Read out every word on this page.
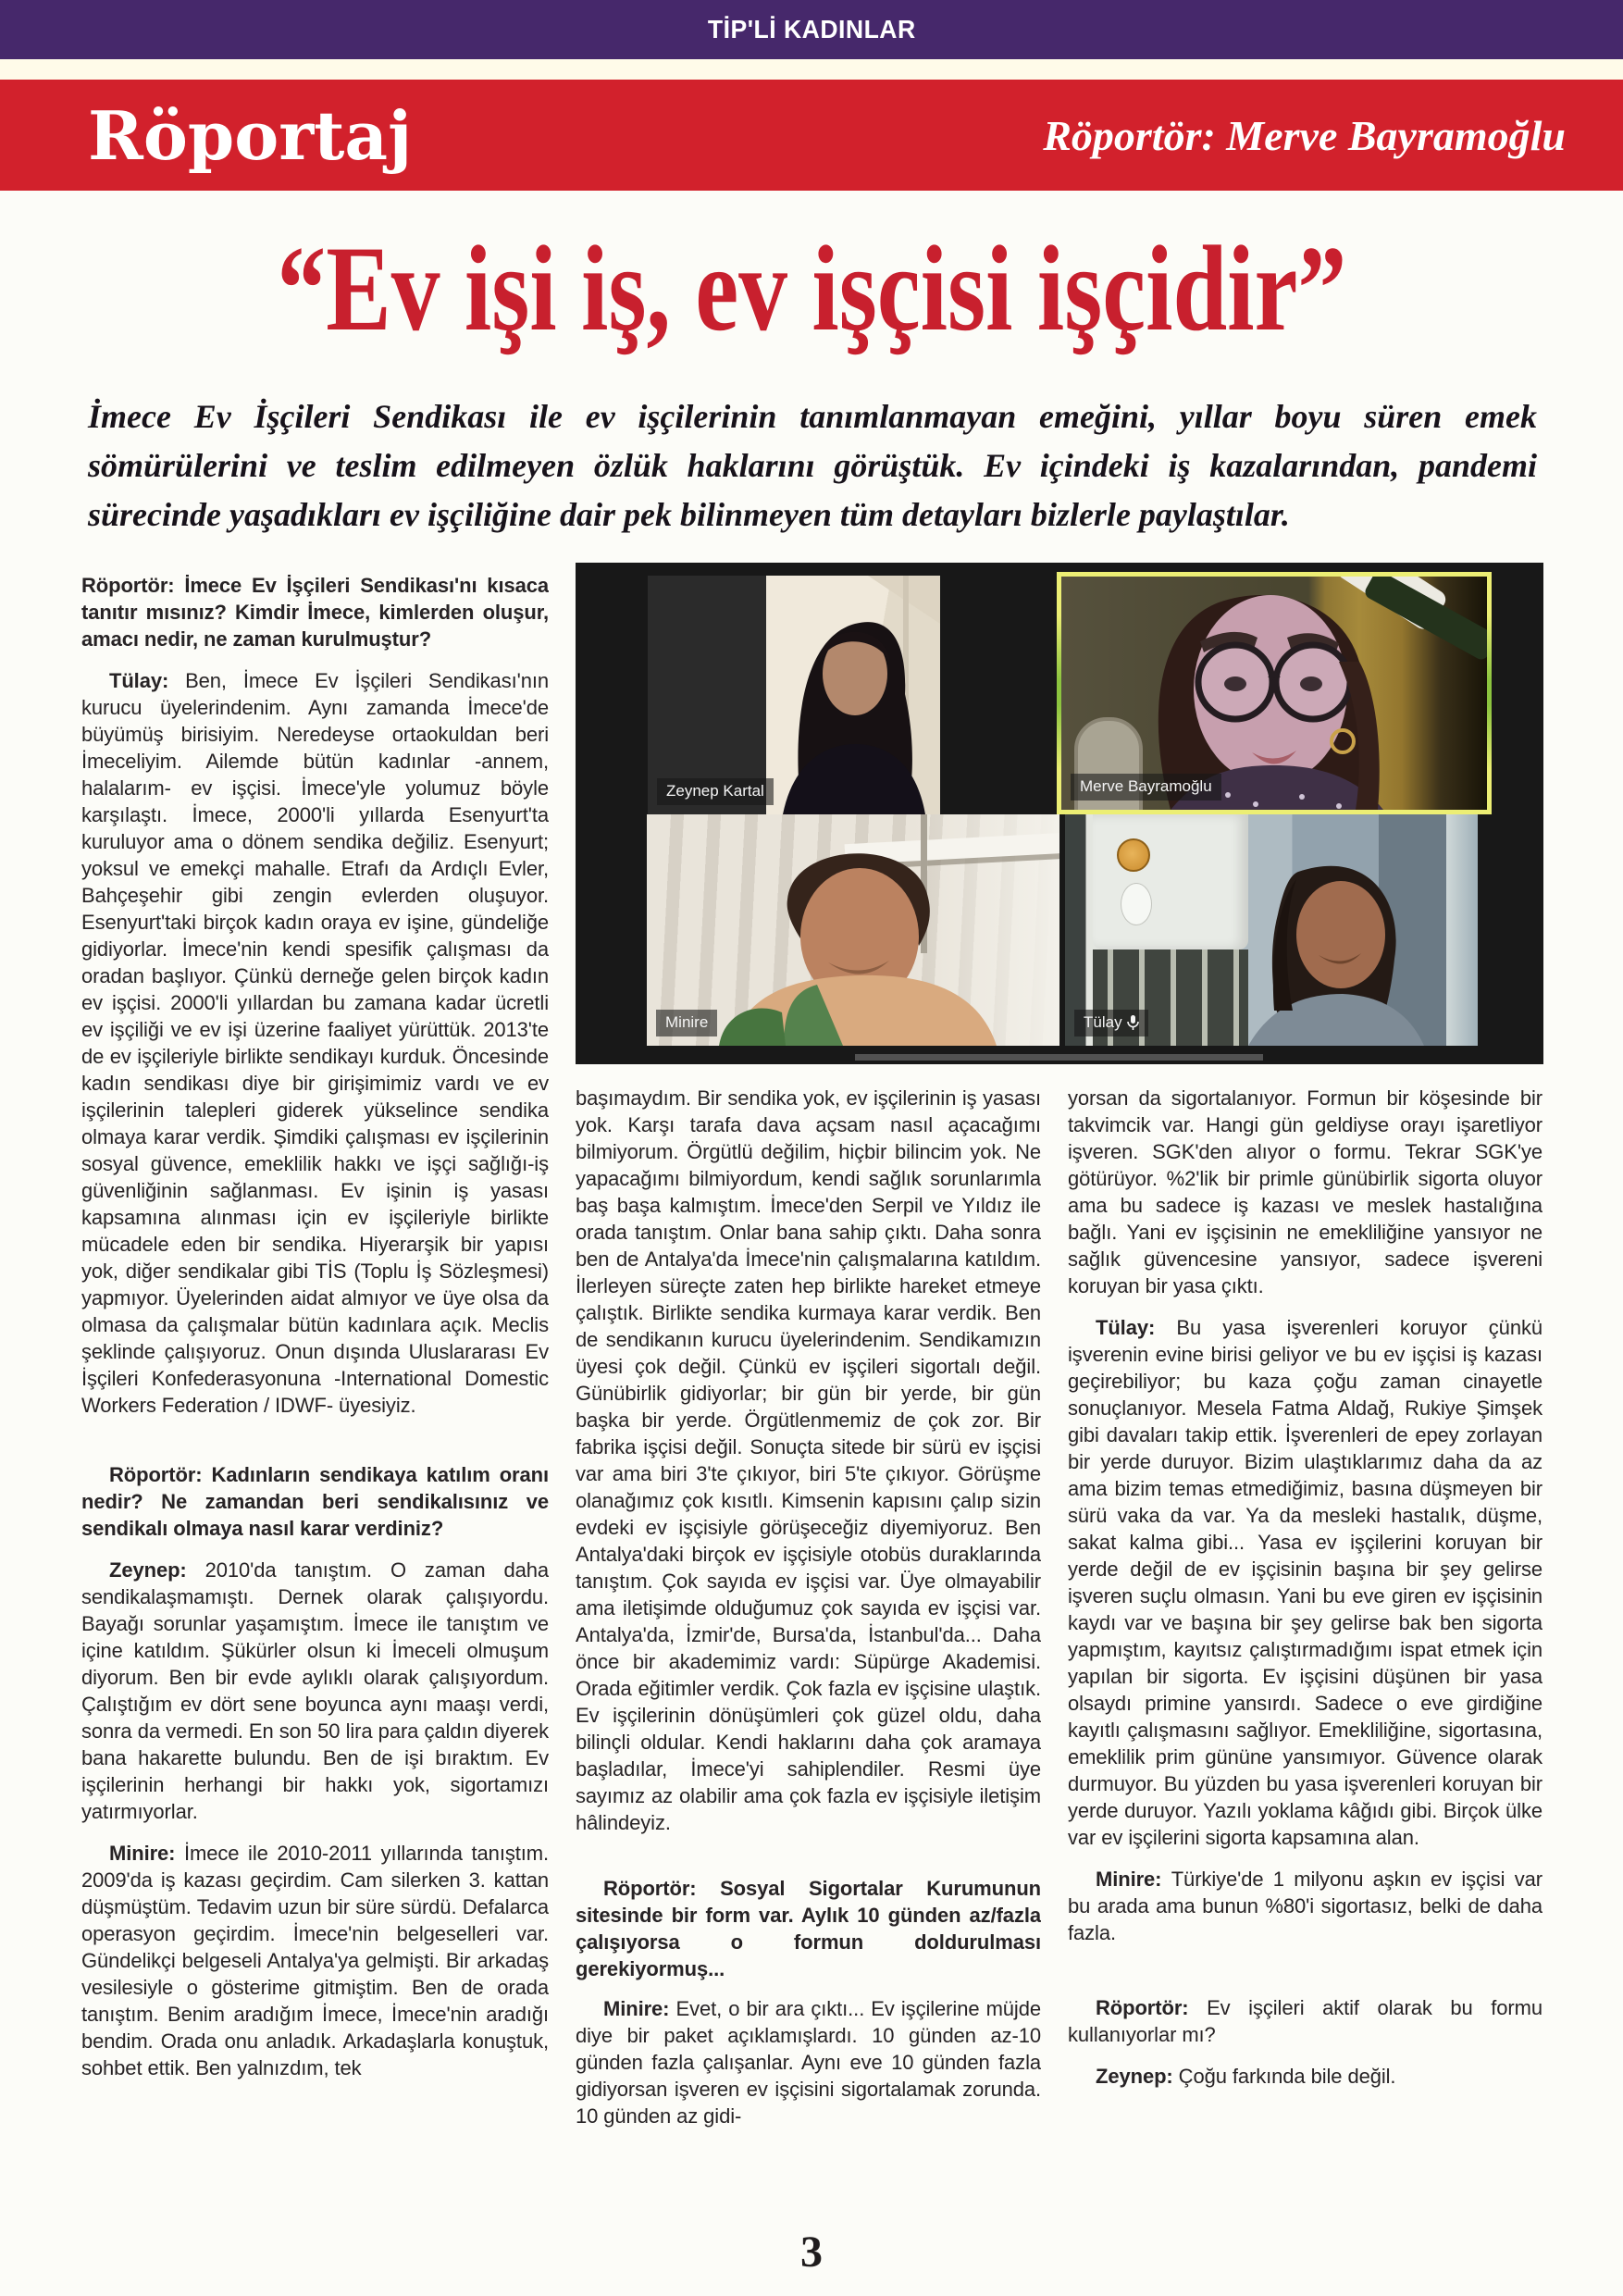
TİP'Lİ KADINLAR
Röportaj	Röportör: Merve Bayramoğlu
“Ev işi iş, ev işçisi işçidir”
İmece Ev İşçileri Sendikası ile ev işçilerinin tanımlanmayan emeğini, yıllar boyu süren emek sömürülerini ve teslim edilmeyen özlük haklarını görüştük. Ev içindeki iş kazalarından, pandemi sürecinde yaşadıkları ev işçiliğine dair pek bilinmeyen tüm detayları bizlerle paylaştılar.
Zeynep Kartal	Merve Bayramoğlu
Minire	Tülay

Röportör: İmece Ev İşçileri Sendikası'nı kısaca tanıtır mısınız? Kimdir İmece, kimlerden oluşur, amacı nedir, ne zaman kurulmuştur?

Tülay: Ben, İmece Ev İşçileri Sendikası'nın kurucu üyelerindenim. Aynı zamanda İmece'de büyümüş birisiyim. Neredeyse ortaokuldan beri İmeceliyim. Ailemde bütün kadınlar -annem, halalarım- ev işçisi. İmece'yle yolumuz böyle karşılaştı. İmece, 2000'li yıllarda Esenyurt'ta kuruluyor ama o dönem sendika değiliz. Esenyurt; yoksul ve emekçi mahalle. Etrafı da Ardıçlı Evler, Bahçeşehir gibi zengin evlerden oluşuyor. Esenyurt'taki birçok kadın oraya ev işine, gündeliğe gidiyorlar. İmece'nin kendi spesifik çalışması da oradan başlıyor. Çünkü derneğe gelen birçok kadın ev işçisi. 2000'li yıllardan bu zamana kadar ücretli ev işçiliği ve ev işi üzerine faaliyet yürüttük. 2013'te de ev işçileriyle birlikte sendikayı kurduk. Öncesinde kadın sendikası diye bir girişimimiz vardı ve ev işçilerinin talepleri giderek yükselince sendika olmaya karar verdik. Şimdiki çalışması ev işçilerinin sosyal güvence, emeklilik hakkı ve işçi sağlığı-iş güvenliğinin sağlanması. Ev işinin iş yasası kapsamına alınması için ev işçileriyle birlikte mücadele eden bir sendika. Hiyerarşik bir yapısı yok, diğer sendikalar gibi TİS (Toplu İş Sözleşmesi) yapmıyor. Üyelerinden aidat almıyor ve üye olsa da olmasa da çalışmalar bütün kadınlara açık. Meclis şeklinde çalışıyoruz. Onun dışında Uluslararası Ev İşçileri Konfederasyonuna -International Domestic Workers Federation / IDWF- üyesiyiz.

Röportör: Kadınların sendikaya katılım oranı nedir? Ne zamandan beri sendikalısınız ve sendikalı olmaya nasıl karar verdiniz?

Zeynep: 2010'da tanıştım. O zaman daha sendikalaşmamıştı. Dernek olarak çalışıyordu. Bayağı sorunlar yaşamıştım. İmece ile tanıştım ve içine katıldım. Şükürler olsun ki İmeceli olmuşum diyorum. Ben bir evde aylıklı olarak çalışıyordum. Çalıştığım ev dört sene boyunca aynı maaşı verdi, sonra da vermedi. En son 50 lira para çaldın diyerek bana hakarette bulundu. Ben de işi bıraktım. Ev işçilerinin herhangi bir hakkı yok, sigortamızı yatırmıyorlar.

Minire: İmece ile 2010-2011 yıllarında tanıştım. 2009'da iş kazası geçirdim. Cam silerken 3. kattan düşmüştüm. Tedavim uzun bir süre sürdü. Defalarca operasyon geçirdim. İmece'nin belgeselleri var. Gündelikçi belgeseli Antalya'ya gelmişti. Bir arkadaş vesilesiyle o gösterime gitmiştim. Ben de orada tanıştım. Benim aradığım İmece, İmece'nin aradığı bendim. Orada onu anladık. Arkadaşlarla konuştuk, sohbet ettik. Ben yalnızdım, tek

başımaydım. Bir sendika yok, ev işçilerinin iş yasası yok. Karşı tarafa dava açsam nasıl açacağımı bilmiyorum. Örgütlü değilim, hiçbir bilincim yok. Ne yapacağımı bilmiyordum, kendi sağlık sorunlarımla baş başa kalmıştım. İmece'den Serpil ve Yıldız ile orada tanıştım. Onlar bana sahip çıktı. Daha sonra ben de Antalya'da İmece'nin çalışmalarına katıldım. İlerleyen süreçte zaten hep birlikte hareket etmeye çalıştık. Birlikte sendika kurmaya karar verdik. Ben de sendikanın kurucu üyelerindenim. Sendikamızın üyesi çok değil. Çünkü ev işçileri sigortalı değil. Günübirlik gidiyorlar; bir gün bir yerde, bir gün başka bir yerde. Örgütlenmemiz de çok zor. Bir fabrika işçisi değil. Sonuçta sitede bir sürü ev işçisi var ama biri 3'te çıkıyor, biri 5'te çıkıyor. Görüşme olanağımız çok kısıtlı. Kimsenin kapısını çalıp sizin evdeki ev işçisiyle görüşeceğiz diyemiyoruz. Ben Antalya'daki birçok ev işçisiyle otobüs duraklarında tanıştım. Çok sayıda ev işçisi var. Üye olmayabilir ama iletişimde olduğumuz çok sayıda ev işçisi var. Antalya'da, İzmir'de, Bursa'da, İstanbul'da... Daha önce bir akademimiz vardı: Süpürge Akademisi. Orada eğitimler verdik. Çok fazla ev işçisine ulaştık. Ev işçilerinin dönüşümleri çok güzel oldu, daha bilinçli oldular. Kendi haklarını daha çok aramaya başladılar, İmece'yi sahiplendiler. Resmi üye sayımız az olabilir ama çok fazla ev işçisiyle iletişim hâlindeyiz.

Röportör: Sosyal Sigortalar Kurumunun sitesinde bir form var. Aylık 10 günden az/fazla çalışıyorsa o formun doldurulması gerekiyormuş...

Minire: Evet, o bir ara çıktı... Ev işçilerine müjde diye bir paket açıklamışlardı. 10 günden az-10 günden fazla çalışanlar. Aynı eve 10 günden fazla gidiyorsan işveren ev işçisini sigortalamak zorunda. 10 günden az gidi-

yorsan da sigortalanıyor. Formun bir köşesinde bir takvimcik var. Hangi gün geldiyse orayı işaretliyor işveren. SGK'den alıyor o formu. Tekrar SGK'ye götürüyor. %2'lik bir primle günübirlik sigorta oluyor ama bu sadece iş kazası ve meslek hastalığına bağlı. Yani ev işçisinin ne emekliliğine yansıyor ne sağlık güvencesine yansıyor, sadece işvereni koruyan bir yasa çıktı.

Tülay: Bu yasa işverenleri koruyor çünkü işverenin evine birisi geliyor ve bu ev işçisi iş kazası geçirebiliyor; bu kaza çoğu zaman cinayetle sonuçlanıyor. Mesela Fatma Aldağ, Rukiye Şimşek gibi davaları takip ettik. İşverenleri de epey zorlayan bir yerde duruyor. Bizim ulaştıklarımız daha da az ama bizim temas etmediğimiz, basına düşmeyen bir sürü vaka da var. Ya da mesleki hastalık, düşme, sakat kalma gibi... Yasa ev işçilerini koruyan bir yerde değil de ev işçisinin başına bir şey gelirse işveren suçlu olmasın. Yani bu eve giren ev işçisinin kaydı var ve başına bir şey gelirse bak ben sigorta yapmıştım, kayıtsız çalıştırmadığımı ispat etmek için yapılan bir sigorta. Ev işçisini düşünen bir yasa olsaydı primine yansırdı. Sadece o eve girdiğine kayıtlı çalışmasını sağlıyor. Emekliliğine, sigortasına, emeklilik prim gününe yansımıyor. Güvence olarak durmuyor. Bu yüzden bu yasa işverenleri koruyan bir yerde duruyor. Yazılı yoklama kâğıdı gibi. Birçok ülke var ev işçilerini sigorta kapsamına alan.

Minire: Türkiye'de 1 milyonu aşkın ev işçisi var bu arada ama bunun %80'i sigortasız, belki de daha fazla.

Röportör: Ev işçileri aktif olarak bu formu kullanıyorlar mı?

Zeynep: Çoğu farkında bile değil.

3
